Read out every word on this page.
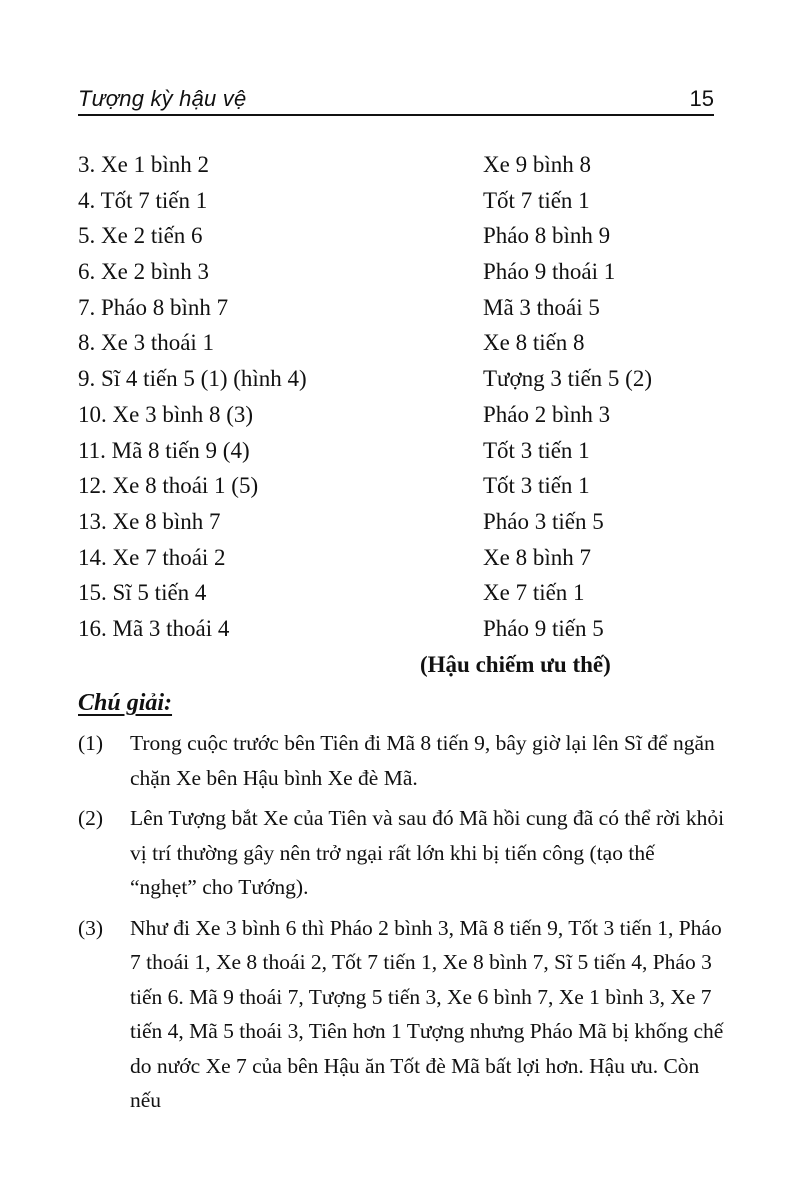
Tượng kỳ hậu vệ	15
3. Xe 1 bình 2	Xe 9 bình 8
4. Tốt 7 tiến 1	Tốt 7 tiến 1
5. Xe 2 tiến 6	Pháo 8 bình 9
6. Xe 2 bình 3	Pháo 9 thoái 1
7. Pháo 8 bình 7	Mã 3 thoái 5
8. Xe 3 thoái 1	Xe 8 tiến 8
9. Sĩ 4 tiến 5 (1) (hình 4)	Tượng 3 tiến 5 (2)
10. Xe 3 bình 8 (3)	Pháo 2 bình 3
11. Mã 8 tiến 9 (4)	Tốt 3 tiến 1
12. Xe 8 thoái 1 (5)	Tốt 3 tiến 1
13. Xe 8 bình 7	Pháo 3 tiến 5
14. Xe 7 thoái 2	Xe 8 bình 7
15. Sĩ 5 tiến 4	Xe 7 tiến 1
16. Mã 3 thoái 4	Pháo 9 tiến 5
(Hậu chiếm ưu thế)
Chú giải:
(1) Trong cuộc trước bên Tiên đi Mã 8 tiến 9, bây giờ lại lên Sĩ để ngăn chặn Xe bên Hậu bình Xe đè Mã.
(2) Lên Tượng bắt Xe của Tiên và sau đó Mã hồi cung đã có thể rời khỏi vị trí thường gây nên trở ngại rất lớn khi bị tiến công (tạo thế “nghẹt” cho Tướng).
(3) Như đi Xe 3 bình 6 thì Pháo 2 bình 3, Mã 8 tiến 9, Tốt 3 tiến 1, Pháo 7 thoái 1, Xe 8 thoái 2, Tốt 7 tiến 1, Xe 8 bình 7, Sĩ 5 tiến 4, Pháo 3 tiến 6. Mã 9 thoái 7, Tượng 5 tiến 3, Xe 6 bình 7, Xe 1 bình 3, Xe 7 tiến 4, Mã 5 thoái 3, Tiên hơn 1 Tượng nhưng Pháo Mã bị khống chế do nước Xe 7 của bên Hậu ăn Tốt đè Mã bất lợi hơn. Hậu ưu. Còn nếu
